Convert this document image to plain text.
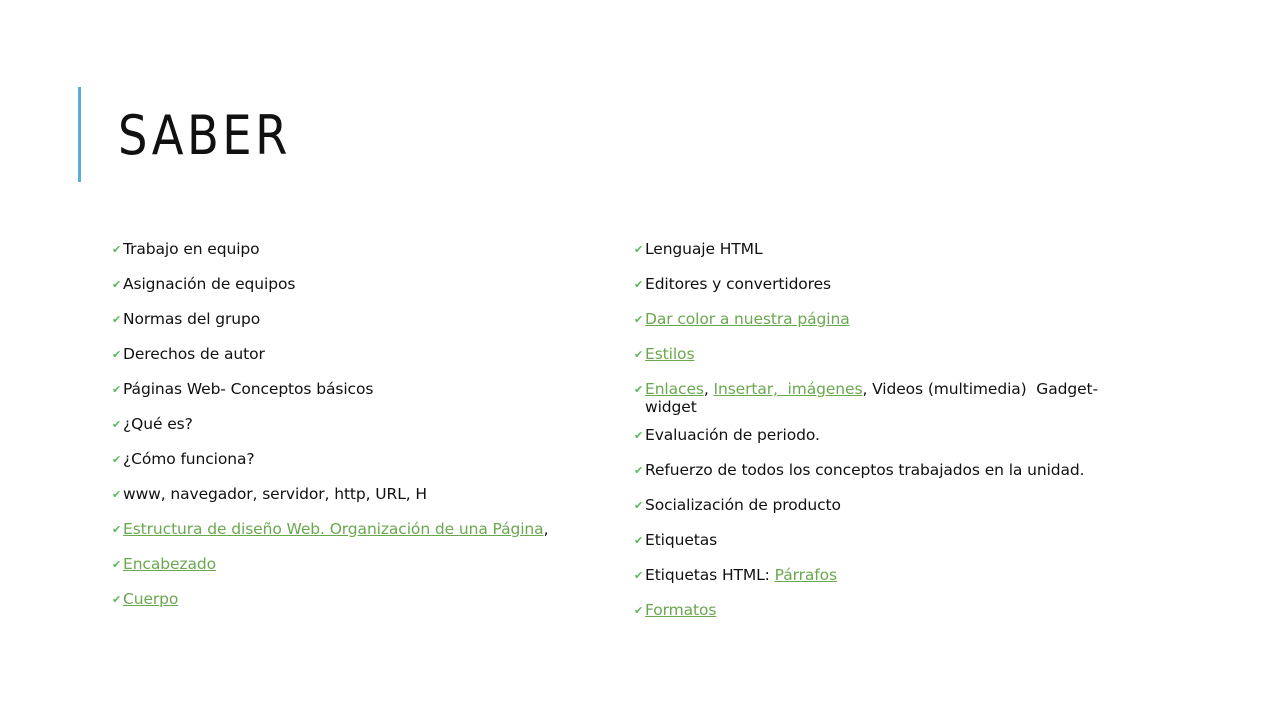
SABER
✔ Trabajo en equipo
✔ Asignación de equipos
✔ Normas del grupo
✔ Derechos de autor
✔ Páginas Web- Conceptos básicos
✔ ¿Qué es?
✔ ¿Cómo funciona?
✔ www, navegador, servidor, http, URL, H
✔ Estructura de diseño Web. Organización de una Página,
✔ Encabezado
✔ Cuerpo
✔ Lenguaje HTML
✔ Editores y convertidores
✔ Dar color a nuestra página
✔ Estilos
✔ Enlaces, Insertar,  imágenes, Videos (multimedia)  Gadget-
widget
✔ Evaluación de periodo.
✔ Refuerzo de todos los conceptos trabajados en la unidad.
✔ Socialización de producto
✔ Etiquetas
✔ Etiquetas HTML: Párrafos
✔ Formatos
